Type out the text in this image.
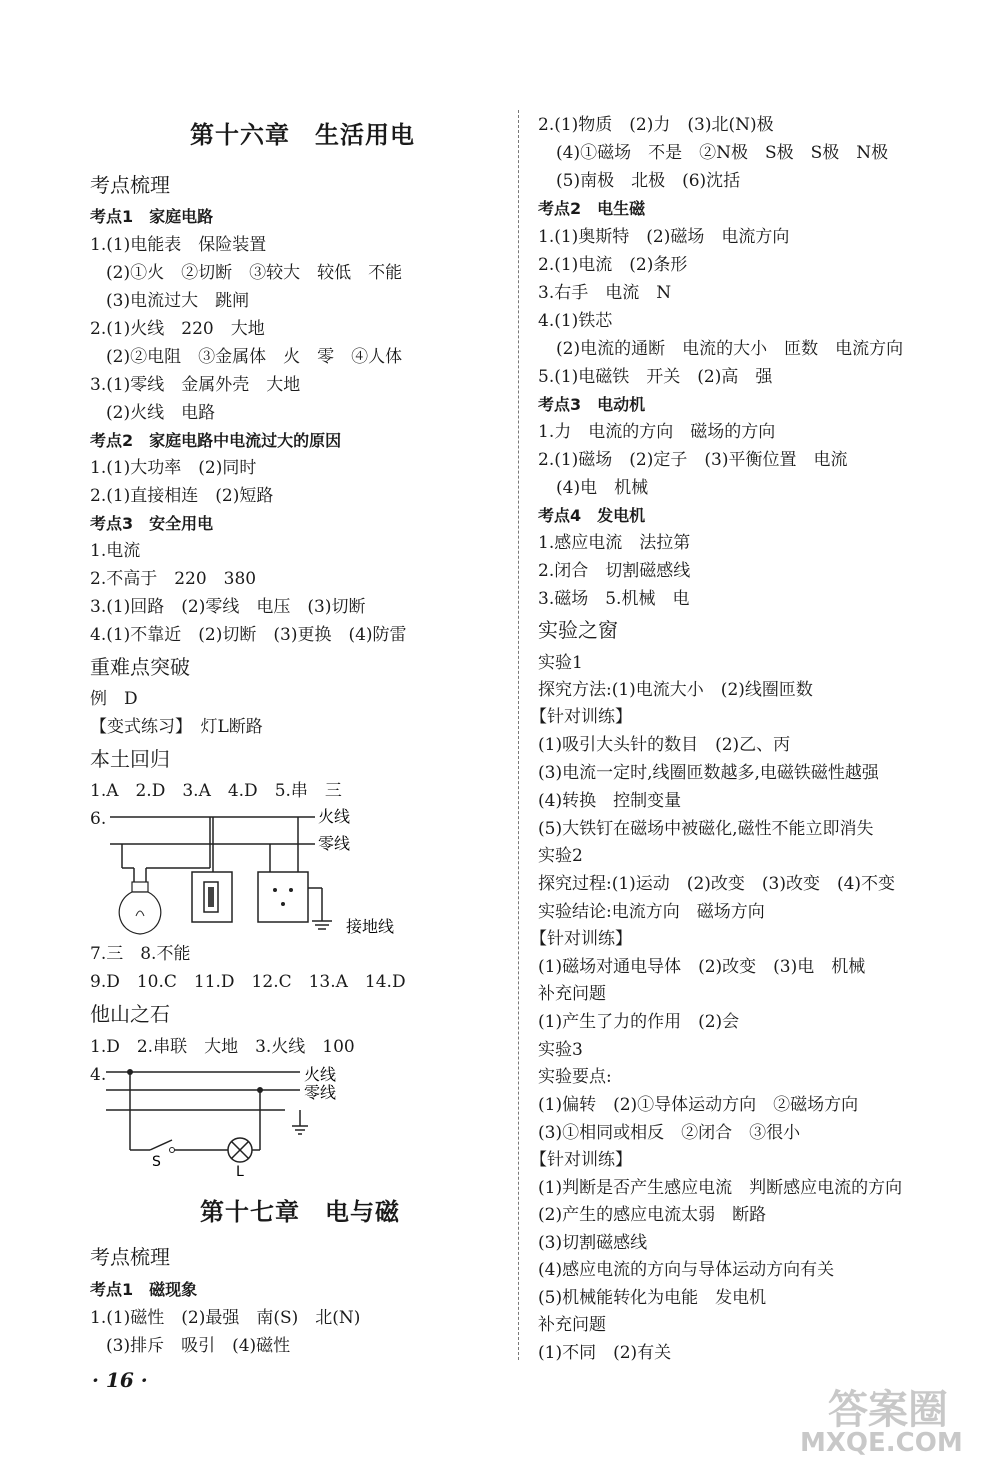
第十六章　生活用电
考点梳理
考点1　家庭电路
1.(1)电能表　保险装置
(2)①火　②切断　③较大　较低　不能
(3)电流过大　跳闸
2.(1)火线　220　大地
(2)②电阻　③金属体　火　零　④人体
3.(1)零线　金属外壳　大地
(2)火线　电路
考点2　家庭电路中电流过大的原因
1.(1)大功率　(2)同时
2.(1)直接相连　(2)短路
考点3　安全用电
1.电流
2.不高于　220　380
3.(1)回路　(2)零线　电压　(3)切断
4.(1)不靠近　(2)切断　(3)更换　(4)防雷
重难点突破
例　D
【变式练习】　灯L断路
本土回归
1.A　2.D　3.A　4.D　5.串　三
6.	火线
零线
接地线
7.三　8.不能
9.D　10.C　11.D　12.C　13.A　14.D
他山之石
1.D　2.串联　大地　3.火线　100
4.	火线
零线
S
L
第十七章　电与磁
考点梳理
考点1　磁现象
1.(1)磁性　(2)最强　南(S)　北(N)
(3)排斥　吸引　(4)磁性
· 16 ·
2.(1)物质　(2)力　(3)北(N)极
(4)①磁场　不是　②N极　S极　S极　N极
(5)南极　北极　(6)沈括
考点2　电生磁
1.(1)奥斯特　(2)磁场　电流方向
2.(1)电流　(2)条形
3.右手　电流　N
4.(1)铁芯
(2)电流的通断　电流的大小　匝数　电流方向
5.(1)电磁铁　开关　(2)高　强
考点3　电动机
1.力　电流的方向　磁场的方向
2.(1)磁场　(2)定子　(3)平衡位置　电流
(4)电　机械
考点4　发电机
1.感应电流　法拉第
2.闭合　切割磁感线
3.磁场　5.机械　电
实验之窗
实验1
探究方法:(1)电流大小　(2)线圈匝数
【针对训练】
(1)吸引大头针的数目　(2)乙、丙
(3)电流一定时,线圈匝数越多,电磁铁磁性越强
(4)转换　控制变量
(5)大铁钉在磁场中被磁化,磁性不能立即消失
实验2
探究过程:(1)运动　(2)改变　(3)改变　(4)不变
实验结论:电流方向　磁场方向
【针对训练】
(1)磁场对通电导体　(2)改变　(3)电　机械
补充问题
(1)产生了力的作用　(2)会
实验3
实验要点:
(1)偏转　(2)①导体运动方向　②磁场方向
(3)①相同或相反　②闭合　③很小
【针对训练】
(1)判断是否产生感应电流　判断感应电流的方向
(2)产生的感应电流太弱　断路
(3)切割磁感线
(4)感应电流的方向与导体运动方向有关
(5)机械能转化为电能　发电机
补充问题
(1)不同　(2)有关
答案圈
MXQE.COM
